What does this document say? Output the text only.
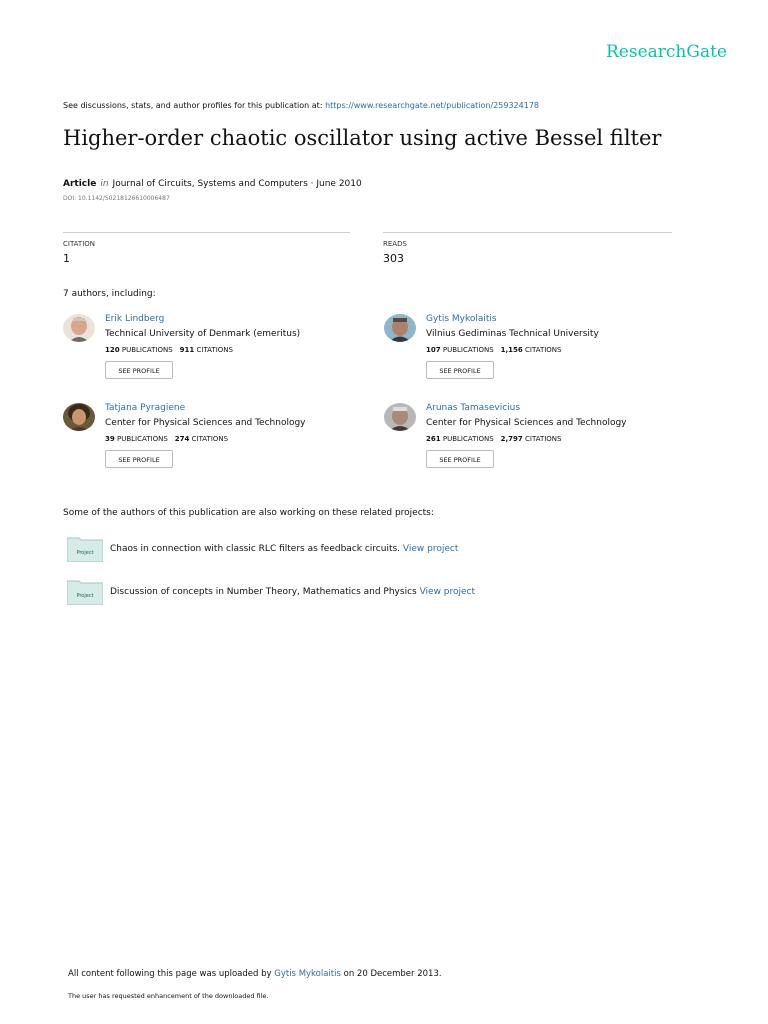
ResearchGate
See discussions, stats, and author profiles for this publication at: https://www.researchgate.net/publication/259324178
Higher-order chaotic oscillator using active Bessel filter
Article in Journal of Circuits, Systems and Computers · June 2010
DOI: 10.1142/S0218126610006487
CITATION
1
READS
303
7 authors, including:
Erik Lindberg
Technical University of Denmark (emeritus)
120 PUBLICATIONS 911 CITATIONS
SEE PROFILE
Gytis Mykolaitis
Vilnius Gediminas Technical University
107 PUBLICATIONS 1,156 CITATIONS
SEE PROFILE
Tatjana Pyragiene
Center for Physical Sciences and Technology
39 PUBLICATIONS 274 CITATIONS
SEE PROFILE
Arunas Tamasevicius
Center for Physical Sciences and Technology
261 PUBLICATIONS 2,797 CITATIONS
SEE PROFILE
Some of the authors of this publication are also working on these related projects:
Project Chaos in connection with classic RLC filters as feedback circuits. View project
Project Discussion of concepts in Number Theory, Mathematics and Physics View project
All content following this page was uploaded by Gytis Mykolaitis on 20 December 2013.
The user has requested enhancement of the downloaded file.
